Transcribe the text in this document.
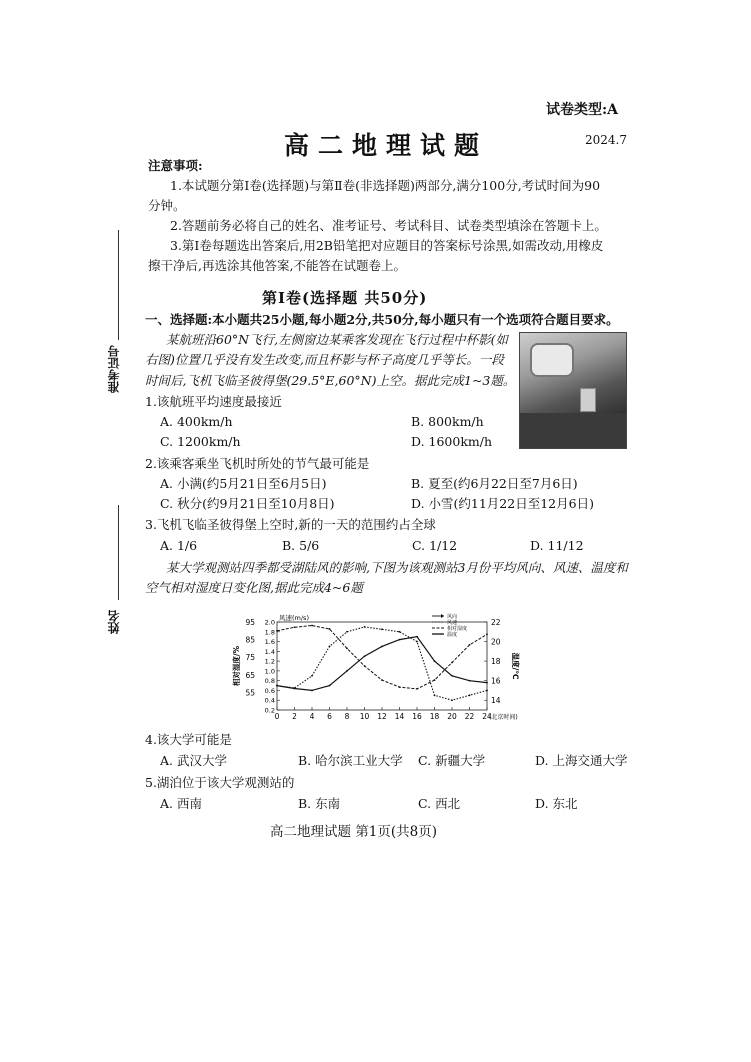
试卷类型:A
高二地理试题	2024.7
注意事项:
1.本试题分第Ⅰ卷(选择题)与第Ⅱ卷(非选择题)两部分,满分100分,考试时间为90
分钟。
2.答题前务必将自己的姓名、准考证号、考试科目、试卷类型填涂在答题卡上。
3.第Ⅰ卷每题选出答案后,用2B铅笔把对应题目的答案标号涂黑,如需改动,用橡皮
擦干净后,再选涂其他答案,不能答在试题卷上。
准考证号
姓名
第Ⅰ卷(选择题 共50分)
一、选择题:本小题共25小题,每小题2分,共50分,每小题只有一个选项符合题目要求。
某航班沿60°N飞行,左侧窗边某乘客发现在飞行过程中杯影(如
右图)位置几乎没有发生改变,而且杯影与杯子高度几乎等长。一段
时间后,飞机飞临圣彼得堡(29.5°E,60°N)上空。据此完成1~3题。
1.该航班平均速度最接近
A. 400km/h	B. 800km/h
C. 1200km/h	D. 1600km/h
2.该乘客乘坐飞机时所处的节气最可能是
A. 小满(约5月21日至6月5日)	B. 夏至(约6月22日至7月6日)
C. 秋分(约9月21日至10月8日)	D. 小雪(约11月22日至12月6日)
3.飞机飞临圣彼得堡上空时,新的一天的范围约占全球
A. 1/6	B. 5/6	C. 1/12	D. 11/12
某大学观测站四季都受湖陆风的影响,下图为该观测站3月份平均风向、风速、温度和
空气相对湿度日变化图,据此完成4~6题
0 2 4 6 8 10 12 14 16 18 20 22 24
(北京时间)
0.2
0.4
0.6
0.8
1.0
1.2
1.4
1.6
1.8
2.0
风速(m/s)
55
65
75
85
95
相对湿度/%
14
16
18
20
22
温度/℃
风向
风速
相对湿度
温度
4.该大学可能是
A. 武汉大学	B. 哈尔滨工业大学 C. 新疆大学	D. 上海交通大学
5.湖泊位于该大学观测站的
A. 西南	B. 东南	C. 西北	D. 东北
高二地理试题 第1页(共8页)
